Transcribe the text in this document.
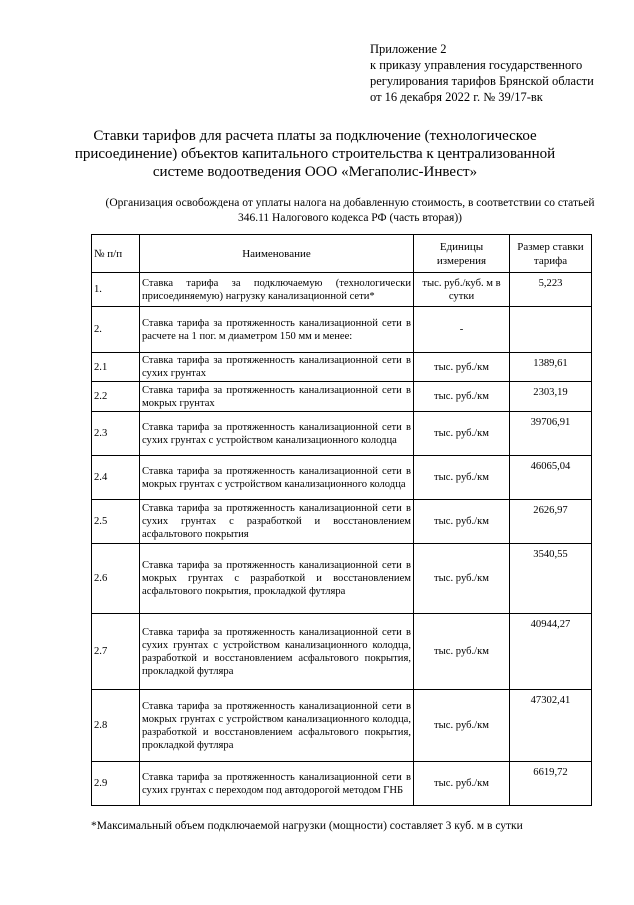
Приложение 2
к приказу управления государственного
регулирования тарифов Брянской области
от 16 декабря 2022 г. № 39/17-вк
Ставки тарифов для расчета платы за подключение (технологическое присоединение) объектов капитального строительства к централизованной системе водоотведения ООО «Мегаполис-Инвест»
(Организация освобождена от уплаты налога на добавленную стоимость, в соответствии со статьей 346.11 Налогового кодекса РФ (часть вторая))
№ п/п	Наименование	Единицы измерения	Размер ставки тарифа
1.	Ставка тарифа за подключаемую (технологически присоединяемую) нагрузку канализационной сети*	тыс. руб./куб. м в сутки	5,223
2.	Ставка тарифа за протяженность канализационной сети в расчете на 1 пог. м диаметром 150 мм и менее:	-	
2.1	Ставка тарифа за протяженность канализационной сети в сухих грунтах	тыс. руб./км	1389,61
2.2	Ставка тарифа за протяженность канализационной сети в мокрых грунтах	тыс. руб./км	2303,19
2.3	Ставка тарифа за протяженность канализационной сети в сухих грунтах с устройством канализационного колодца	тыс. руб./км	39706,91
2.4	Ставка тарифа за протяженность канализационной сети в мокрых грунтах с устройством канализационного колодца	тыс. руб./км	46065,04
2.5	Ставка тарифа за протяженность канализационной сети в сухих грунтах с разработкой и восстановлением асфальтового покрытия	тыс. руб./км	2626,97
2.6	Ставка тарифа за протяженность канализационной сети в мокрых грунтах с разработкой и восстановлением асфальтового покрытия, прокладкой футляра	тыс. руб./км	3540,55
2.7	Ставка тарифа за протяженность канализационной сети в сухих грунтах с устройством канализационного колодца, разработкой и восстановлением асфальтового покрытия, прокладкой футляра	тыс. руб./км	40944,27
2.8	Ставка тарифа за протяженность канализационной сети в мокрых грунтах с устройством канализационного колодца, разработкой и восстановлением асфальтового покрытия, прокладкой футляра	тыс. руб./км	47302,41
2.9	Ставка тарифа за протяженность канализационной сети в сухих грунтах с переходом под автодорогой методом ГНБ	тыс. руб./км	6619,72
*Максимальный объем подключаемой нагрузки (мощности) составляет 3 куб. м в сутки
